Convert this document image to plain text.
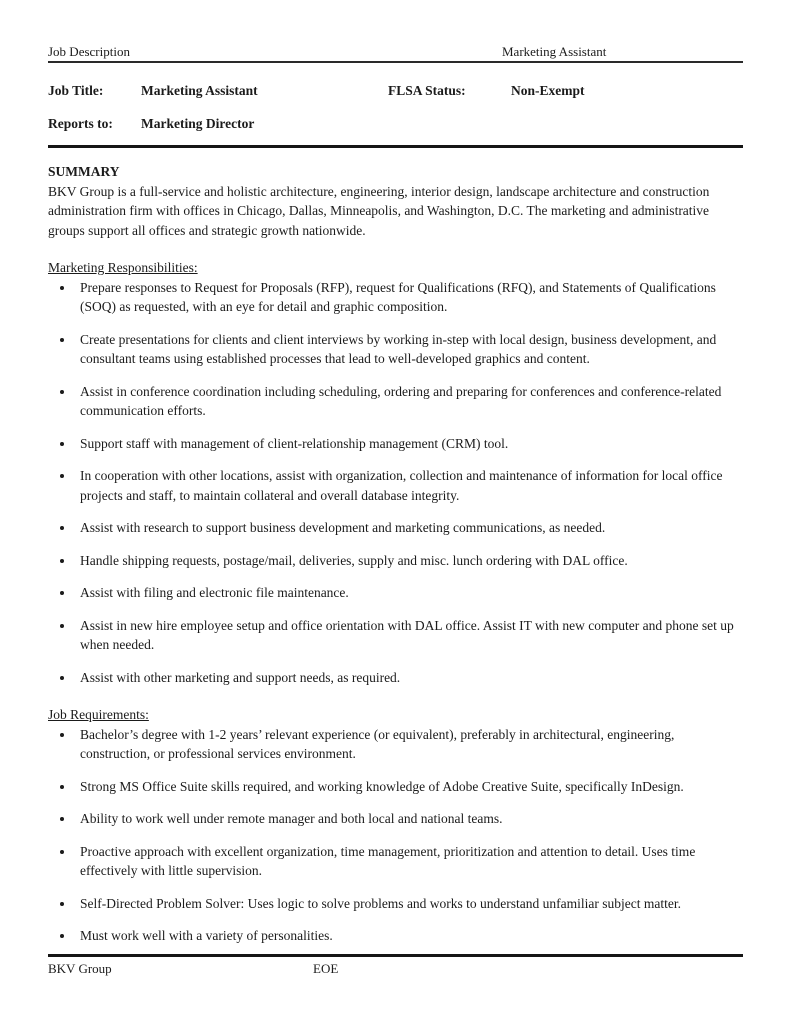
Job Description	Marketing Assistant
Job Title:	Marketing Assistant	FLSA Status:	Non-Exempt
Reports to:	Marketing Director
SUMMARY
BKV Group is a full-service and holistic architecture, engineering, interior design, landscape architecture and construction administration firm with offices in Chicago, Dallas, Minneapolis, and Washington, D.C. The marketing and administrative groups support all offices and strategic growth nationwide.
Marketing Responsibilities:
• Prepare responses to Request for Proposals (RFP), request for Qualifications (RFQ), and Statements of Qualifications (SOQ) as requested, with an eye for detail and graphic composition.
• Create presentations for clients and client interviews by working in-step with local design, business development, and consultant teams using established processes that lead to well-developed graphics and content.
• Assist in conference coordination including scheduling, ordering and preparing for conferences and conference-related communication efforts.
• Support staff with management of client-relationship management (CRM) tool.
• In cooperation with other locations, assist with organization, collection and maintenance of information for local office projects and staff, to maintain collateral and overall database integrity.
• Assist with research to support business development and marketing communications, as needed.
• Handle shipping requests, postage/mail, deliveries, supply and misc. lunch ordering with DAL office.
• Assist with filing and electronic file maintenance.
• Assist in new hire employee setup and office orientation with DAL office. Assist IT with new computer and phone set up when needed.
• Assist with other marketing and support needs, as required.
Job Requirements:
• Bachelor’s degree with 1-2 years’ relevant experience (or equivalent), preferably in architectural, engineering, construction, or professional services environment.
• Strong MS Office Suite skills required, and working knowledge of Adobe Creative Suite, specifically InDesign.
• Ability to work well under remote manager and both local and national teams.
• Proactive approach with excellent organization, time management, prioritization and attention to detail. Uses time effectively with little supervision.
• Self-Directed Problem Solver: Uses logic to solve problems and works to understand unfamiliar subject matter.
• Must work well with a variety of personalities.
BKV Group	EOE
